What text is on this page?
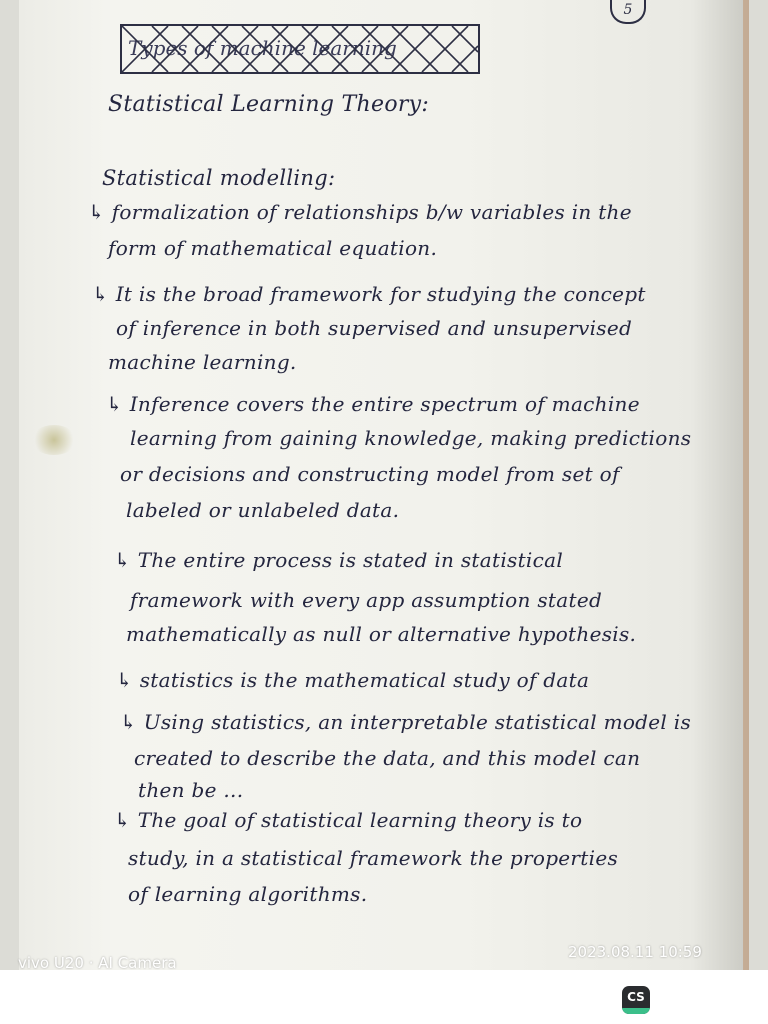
5
Types of machine learning
Statistical Learning Theory:
Statistical modelling:
↳ formalization of relationships b/w variables in the
form of mathematical equation.
↳ It is the broad framework for studying the concept
of inference in both supervised and unsupervised
machine learning.
↳ Inference covers the entire spectrum of machine
learning from gaining knowledge, making predictions
or decisions and constructing model from set of
labeled or unlabeled data.
↳ The entire process is stated in statistical
framework with every app assumption stated
mathematically as null or alternative hypothesis.
↳ statistics is the mathematical study of data
↳ Using statistics, an interpretable statistical model is
created to describe the data, and this model can
then be ...
↳ The goal of statistical learning theory is to
study, in a statistical framework the properties
of learning algorithms.
vivo U20 · AI Camera
2023.08.11 10:59
CS
